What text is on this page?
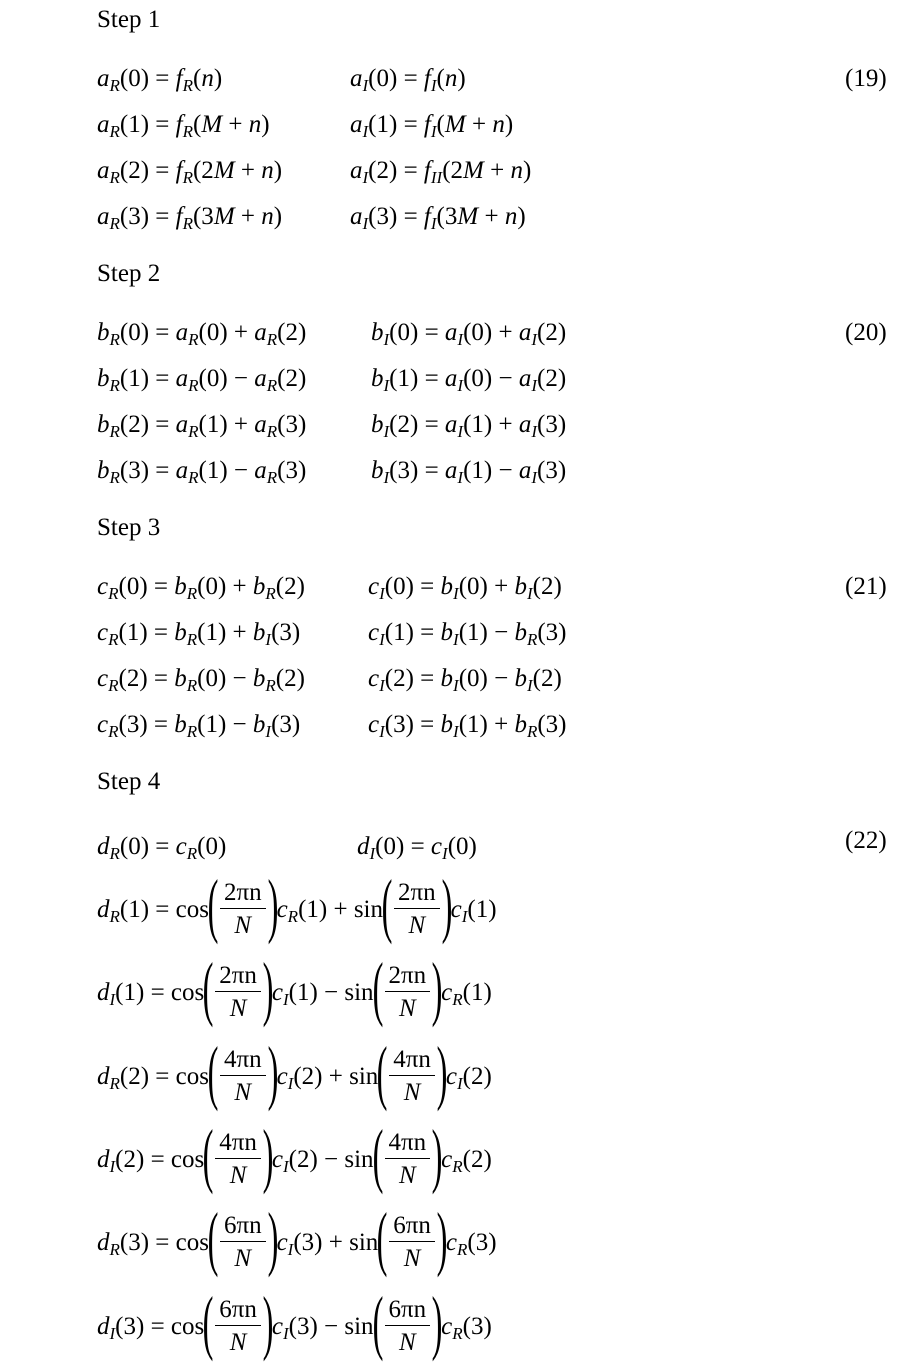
Step 1
Step 2
Step 3
Step 4
(19)
(20)
(21)
(22)
$a_R(0) = f_R(n)$	$a_I(0) = f_I(n)$
$a_R(1) = f_R(M + n)$	$a_I(1) = f_I(M + n)$
$a_R(2) = f_R(2M + n)$	$a_I(2) = f_{II}(2M + n)$
$a_R(3) = f_R(3M + n)$	$a_I(3) = f_I(3M + n)$
$b_R(0) = a_R(0) + a_R(2)$	$b_I(0) = a_I(0) + a_I(2)$
$b_R(1) = a_R(0) - a_R(2)$	$b_I(1) = a_I(0) - a_I(2)$
$b_R(2) = a_R(1) + a_R(3)$	$b_I(2) = a_I(1) + a_I(3)$
$b_R(3) = a_R(1) - a_R(3)$	$b_I(3) = a_I(1) - a_I(3)$
$c_R(0) = b_R(0) + b_R(2)$	$c_I(0) = b_I(0) + b_I(2)$
$c_R(1) = b_R(1) + b_I(3)$	$c_I(1) = b_I(1) - b_R(3)$
$c_R(2) = b_R(0) - b_R(2)$	$c_I(2) = b_I(0) - b_I(2)$
$c_R(3) = b_R(1) - b_I(3)$	$c_I(3) = b_I(1) + b_R(3)$
$d_R(0) = c_R(0)$	$d_I(0) = c_I(0)$
$d_R(1) = \cos$
( $\frac{2\pi n}{N}$ )
$c_R(1) + \sin$
( $\frac{2\pi n}{N}$ )
$c_I(1)$
$d_I(1) = \cos$
( $\frac{2\pi n}{N}$ )
$c_I(1) - \sin$
( $\frac{2\pi n}{N}$ )
$c_R(1)$
$d_R(2) = \cos$
( $\frac{4\pi n}{N}$ )
$c_I(2) + \sin$
( $\frac{4\pi n}{N}$ )
$c_I(2)$
$d_I(2) = \cos$
( $\frac{4\pi n}{N}$ )
$c_I(2) - \sin$
( $\frac{4\pi n}{N}$ )
$c_R(2)$
$d_R(3) = \cos$
( $\frac{6\pi n}{N}$ )
$c_I(3) + \sin$
( $\frac{6\pi n}{N}$ )
$c_R(3)$
$d_I(3) = \cos$
( $\frac{6\pi n}{N}$ )
$c_I(3) - \sin$
( $\frac{6\pi n}{N}$ )
$c_R(3)$
